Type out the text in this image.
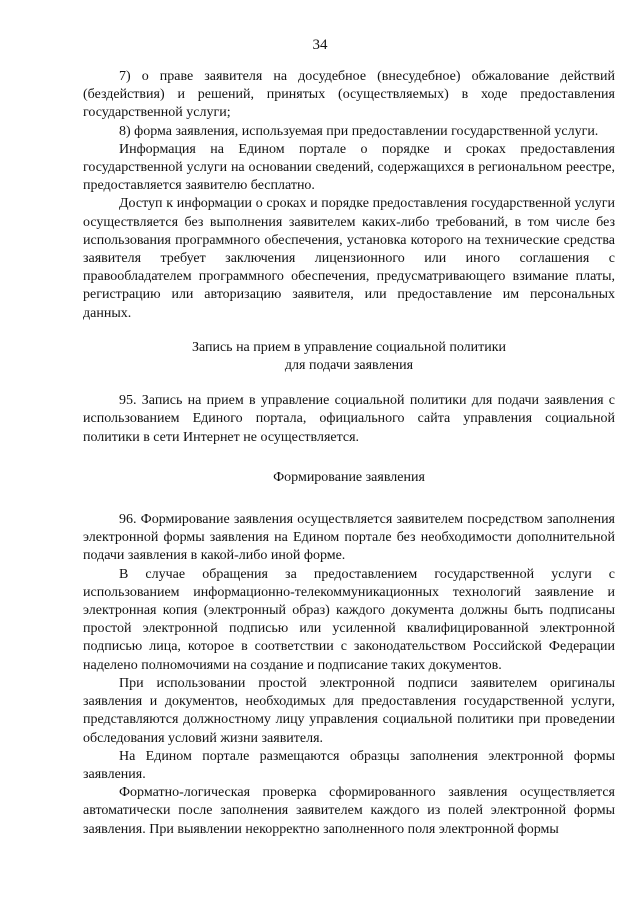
34

7) о праве заявителя на досудебное (внесудебное) обжалование действий (бездействия) и решений, принятых (осуществляемых) в ходе предоставления государственной услуги;

8) форма заявления, используемая при предоставлении государственной услуги.

Информация на Едином портале о порядке и сроках предоставления государственной услуги на основании сведений, содержащихся в региональном реестре, предоставляется заявителю бесплатно.

Доступ к информации о сроках и порядке предоставления государственной услуги осуществляется без выполнения заявителем каких-либо требований, в том числе без использования программного обеспечения, установка которого на технические средства заявителя требует заключения лицензионного или иного соглашения с правообладателем программного обеспечения, предусматривающего взимание платы, регистрацию или авторизацию заявителя, или предоставление им персональных данных.

Запись на прием в управление социальной политики
для подачи заявления

95. Запись на прием в управление социальной политики для подачи заявления с использованием Единого портала, официального сайта управления социальной политики в сети Интернет не осуществляется.

Формирование заявления

96. Формирование заявления осуществляется заявителем посредством заполнения электронной формы заявления на Едином портале без необходимости дополнительной подачи заявления в какой-либо иной форме.

В случае обращения за предоставлением государственной услуги с использованием информационно-телекоммуникационных технологий заявление и электронная копия (электронный образ) каждого документа должны быть подписаны простой электронной подписью или усиленной квалифицированной электронной подписью лица, которое в соответствии с законодательством Российской Федерации наделено полномочиями на создание и подписание таких документов.

При использовании простой электронной подписи заявителем оригиналы заявления и документов, необходимых для предоставления государственной услуги, представляются должностному лицу управления социальной политики при проведении обследования условий жизни заявителя.

На Едином портале размещаются образцы заполнения электронной формы заявления.

Форматно-логическая проверка сформированного заявления осуществляется автоматически после заполнения заявителем каждого из полей электронной формы заявления. При выявлении некорректно заполненного поля электронной формы
